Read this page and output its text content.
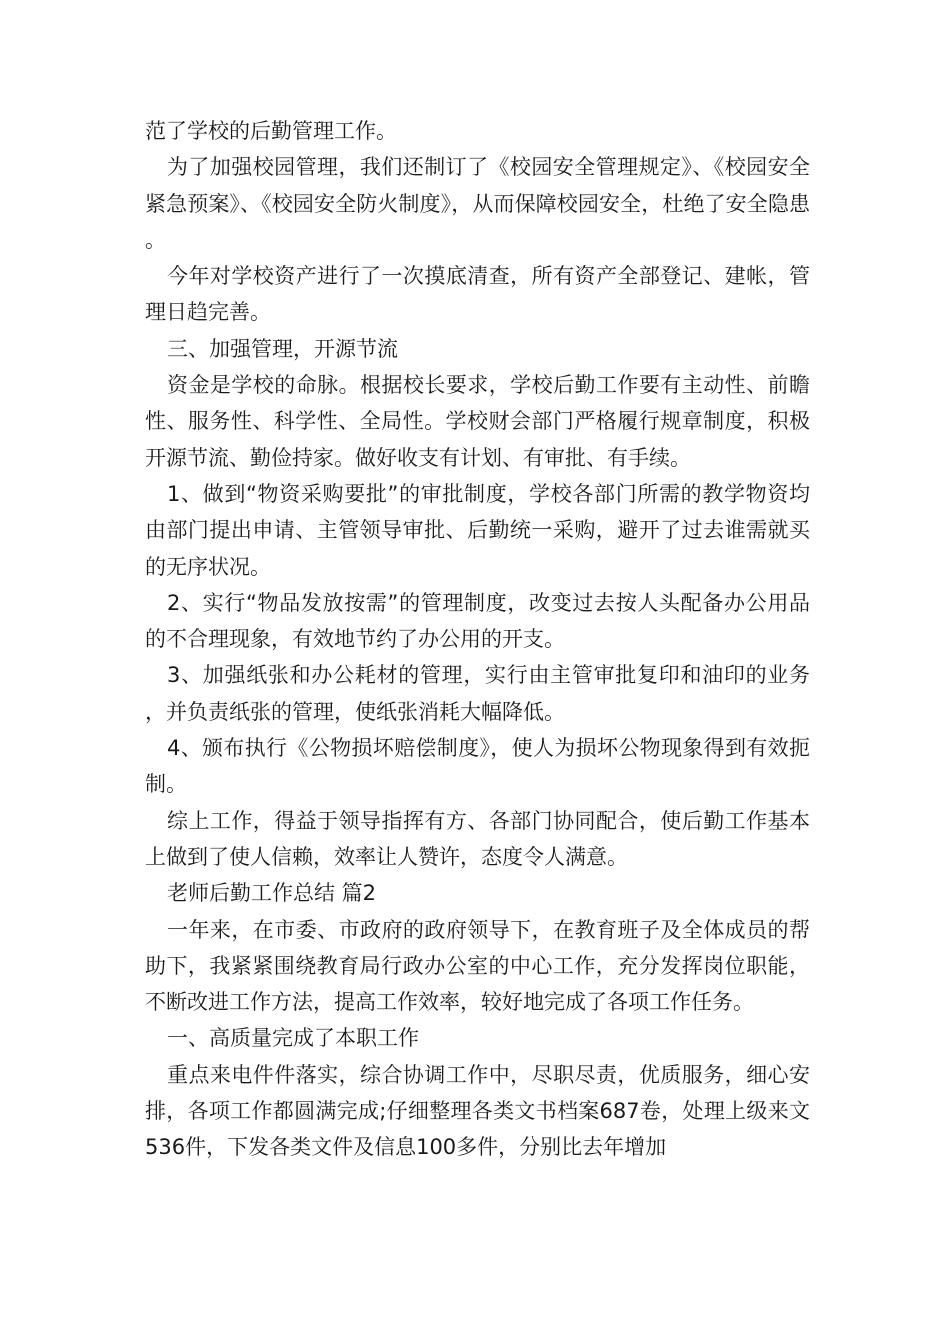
范了学校的后勤管理工作。

为了加强校园管理，我们还制订了《校园安全管理规定》、《校园安全紧急预案》、《校园安全防火制度》，从而保障校园安全，杜绝了安全隐患。

今年对学校资产进行了一次摸底清查，所有资产全部登记、建帐，管理日趋完善。

三、加强管理，开源节流

资金是学校的命脉。根据校长要求，学校后勤工作要有主动性、前瞻性、服务性、科学性、全局性。学校财会部门严格履行规章制度，积极开源节流、勤俭持家。做好收支有计划、有审批、有手续。

1、做到“物资采购要批”的审批制度，学校各部门所需的教学物资均由部门提出申请、主管领导审批、后勤统一采购，避开了过去谁需就买的无序状况。

2、实行“物品发放按需”的管理制度，改变过去按人头配备办公用品的不合理现象，有效地节约了办公用的开支。

3、加强纸张和办公耗材的管理，实行由主管审批复印和油印的业务，并负责纸张的管理，使纸张消耗大幅降低。

4、颁布执行《公物损坏赔偿制度》，使人为损坏公物现象得到有效扼制。

综上工作，得益于领导指挥有方、各部门协同配合，使后勤工作基本上做到了使人信赖，效率让人赞许，态度令人满意。

老师后勤工作总结 篇2

一年来，在市委、市政府的政府领导下，在教育班子及全体成员的帮助下，我紧紧围绕教育局行政办公室的中心工作，充分发挥岗位职能，不断改进工作方法，提高工作效率，较好地完成了各项工作任务。

一、高质量完成了本职工作

重点来电件件落实，综合协调工作中，尽职尽责，优质服务，细心安排，各项工作都圆满完成;仔细整理各类文书档案687卷，处理上级来文536件，下发各类文件及信息100多件，分别比去年增加
